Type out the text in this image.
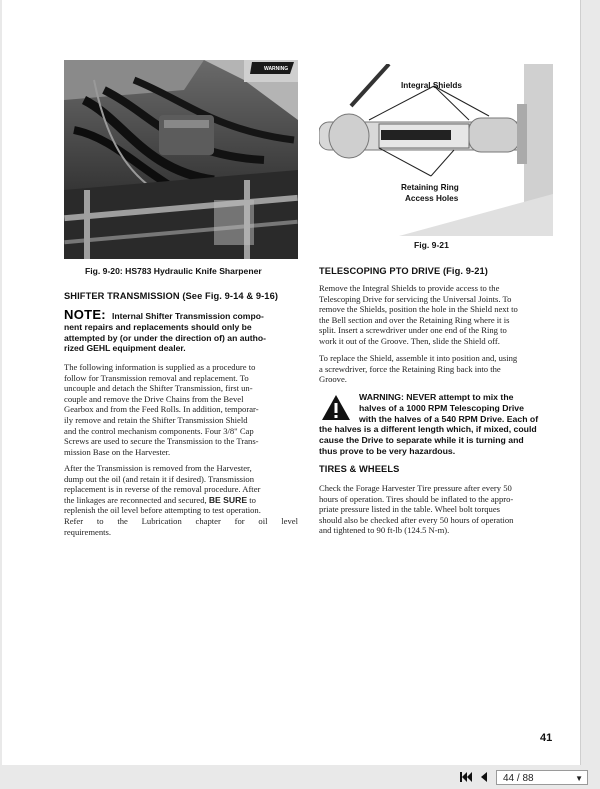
WARNING
Fig. 9-20: HS783 Hydraulic Knife Sharpener
Integral Shields
Retaining Ring
Access Holes
Fig. 9-21

SHIFTER TRANSMISSION (See Fig. 9-14 & 9-16)

NOTE: Internal Shifter Transmission compo-

nent repairs and replacements should only be

attempted by (or under the direction of) an autho-

rized GEHL equipment dealer.

The following information is supplied as a procedure to

follow for Transmission removal and replacement. To

uncouple and detach the Shifter Transmission, first un-

couple and remove the Drive Chains from the Bevel

Gearbox and from the Feed Rolls. In addition, temporar-

ily remove and retain the Shifter Transmission Shield

and the control mechanism components. Four 3/8" Cap

Screws are used to secure the Transmission to the Trans-

mission Base on the Harvester.

After the Transmission is removed from the Harvester,

dump out the oil (and retain it if desired). Transmission

replacement is in reverse of the removal procedure. After

the linkages are reconnected and secured, BE SURE to

replenish the oil level before attempting to test operation.

Refer to the Lubrication chapter for oil level

requirements.

TELESCOPING PTO DRIVE (Fig. 9-21)

Remove the Integral Shields to provide access to the

Telescoping Drive for servicing the Universal Joints. To

remove the Shields, position the hole in the Shield next to

the Bell section and over the Retaining Ring where it is

split. Insert a screwdriver under one end of the Ring to

work it out of the Groove. Then, slide the Shield off.

To replace the Shield, assemble it into position and, using

a screwdriver, force the Retaining Ring back into the

Groove.

WARNING: NEVER attempt to mix the

halves of a 1000 RPM Telescoping Drive

with the halves of a 540 RPM Drive. Each of

the halves is a different length which, if mixed, could

cause the Drive to separate while it is turning and

thus prove to be very hazardous.

TIRES & WHEELS

Check the Forage Harvester Tire pressure after every 50

hours of operation. Tires should be inflated to the appro-

priate pressure listed in the table. Wheel bolt torques

should also be checked after every 50 hours of operation

and tightened to 90 ft-lb (124.5 N-m).

41
44 / 88	▼
